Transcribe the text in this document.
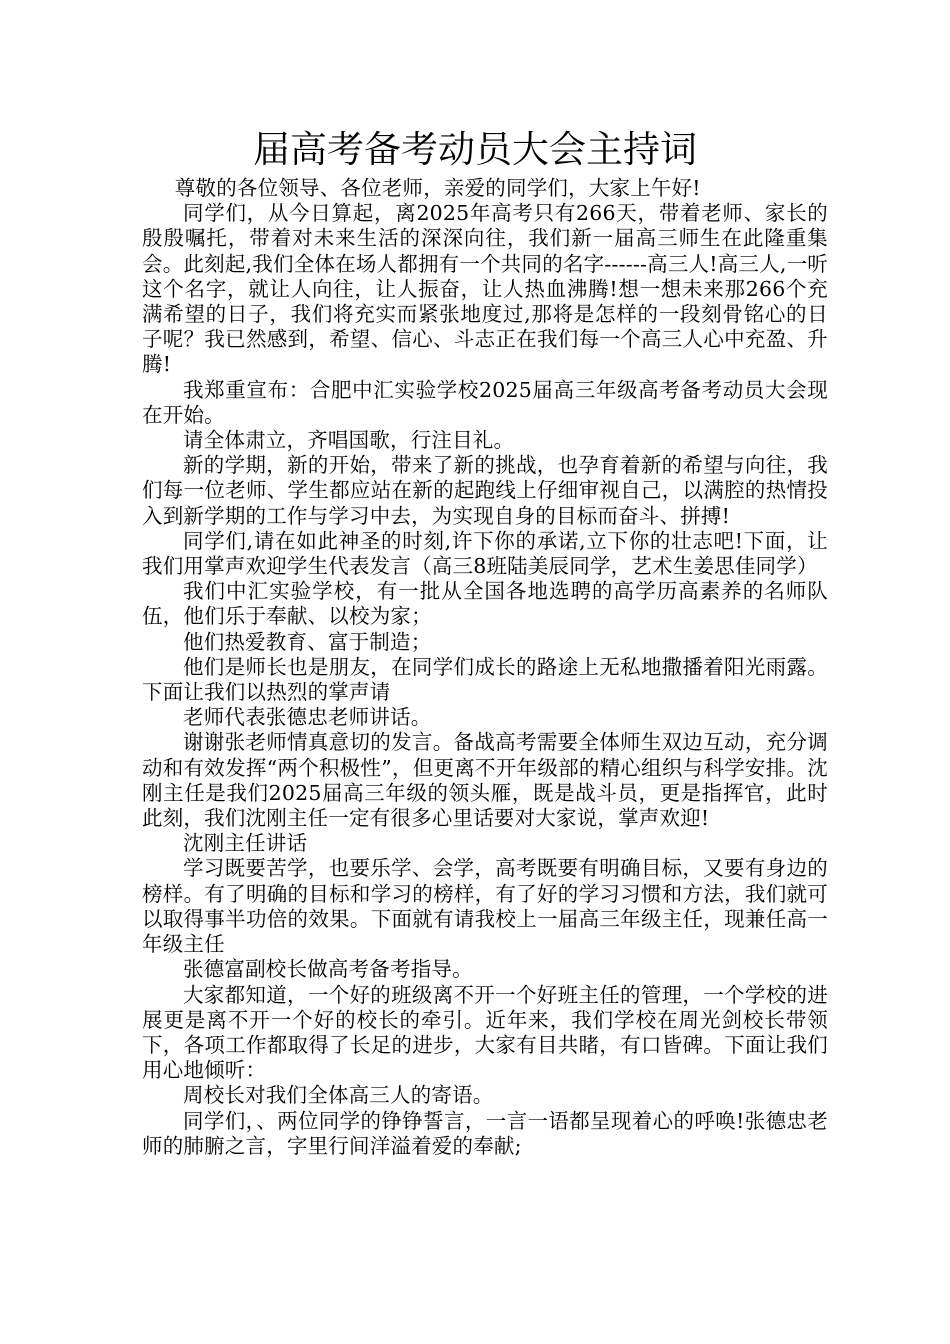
届高考备考动员大会主持词

尊敬的各位领导、各位老师，亲爱的同学们，大家上午好!

同学们，从今日算起，离2025年高考只有266天，带着老师、家长的殷殷嘱托，带着对未来生活的深深向往，我们新一届高三师生在此隆重集会。此刻起,我们全体在场人都拥有一个共同的名字------高三人!高三人,一听这个名字，就让人向往，让人振奋，让人热血沸腾!想一想未来那266个充满希望的日子，我们将充实而紧张地度过,那将是怎样的一段刻骨铭心的日子呢？我已然感到，希望、信心、斗志正在我们每一个高三人心中充盈、升腾!

我郑重宣布：合肥中汇实验学校2025届高三年级高考备考动员大会现在开始。

请全体肃立，齐唱国歌，行注目礼。

新的学期，新的开始，带来了新的挑战，也孕育着新的希望与向往，我们每一位老师、学生都应站在新的起跑线上仔细审视自己，以满腔的热情投入到新学期的工作与学习中去，为实现自身的目标而奋斗、拼搏!

同学们,请在如此神圣的时刻,许下你的承诺,立下你的壮志吧!下面，让我们用掌声欢迎学生代表发言（高三8班陆美辰同学，艺术生姜思佳同学）

我们中汇实验学校，有一批从全国各地选聘的高学历高素养的名师队伍，他们乐于奉献、以校为家；

他们热爱教育、富于制造；

他们是师长也是朋友，在同学们成长的路途上无私地撒播着阳光雨露。下面让我们以热烈的掌声请

老师代表张德忠老师讲话。

谢谢张老师情真意切的发言。备战高考需要全体师生双边互动，充分调动和有效发挥“两个积极性”，但更离不开年级部的精心组织与科学安排。沈刚主任是我们2025届高三年级的领头雁，既是战斗员，更是指挥官，此时此刻，我们沈刚主任一定有很多心里话要对大家说，掌声欢迎!

沈刚主任讲话

学习既要苦学，也要乐学、会学，高考既要有明确目标，又要有身边的榜样。有了明确的目标和学习的榜样，有了好的学习习惯和方法，我们就可以取得事半功倍的效果。下面就有请我校上一届高三年级主任，现兼任高一年级主任

张德富副校长做高考备考指导。

大家都知道，一个好的班级离不开一个好班主任的管理，一个学校的进展更是离不开一个好的校长的牵引。近年来，我们学校在周光剑校长带领下，各项工作都取得了长足的进步，大家有目共睹，有口皆碑。下面让我们用心地倾听：

周校长对我们全体高三人的寄语。

同学们，、两位同学的铮铮誓言，一言一语都呈现着心的呼唤!张德忠老师的肺腑之言，字里行间洋溢着爱的奉献;
